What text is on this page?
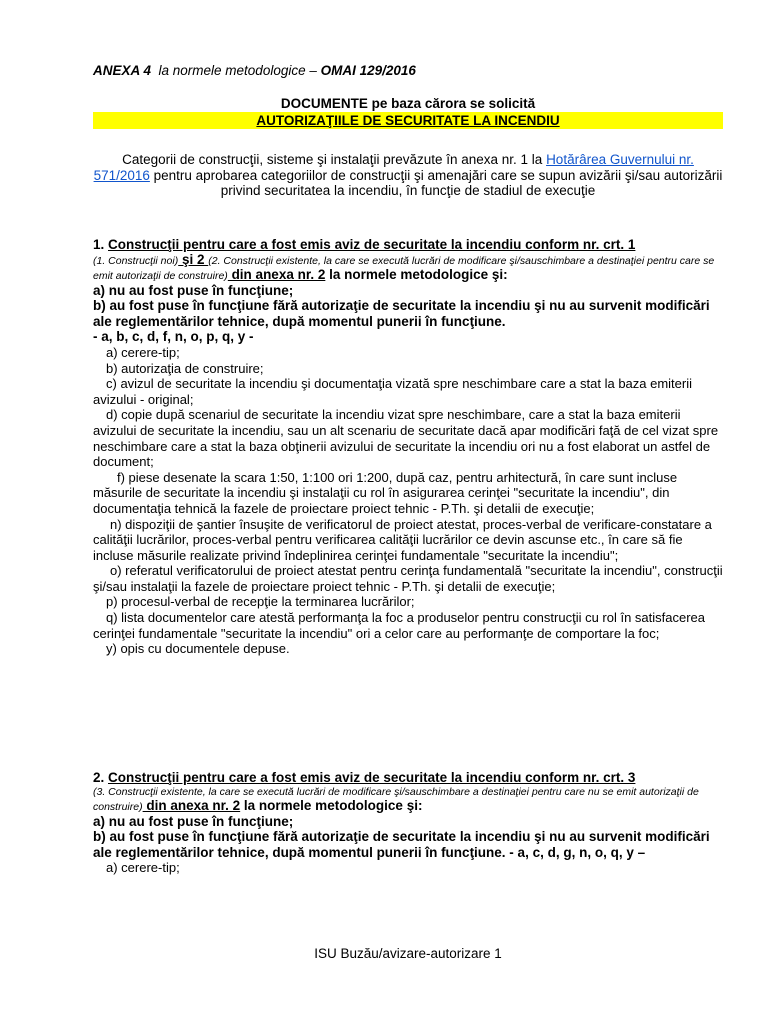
ANEXA 4  la normele metodologice – OMAI 129/2016
DOCUMENTE pe baza cărora se solicită
AUTORIZAŢIILE DE SECURITATE LA INCENDIU
Categorii de construcţii, sisteme şi instalaţii prevăzute în anexa nr. 1 la Hotărârea Guvernului nr. 571/2016 pentru aprobarea categoriilor de construcţii şi amenajări care se supun avizării şi/sau autorizării privind securitatea la incendiu, în funcţie de stadiul de execuţie

1. Construcţii pentru care a fost emis aviz de securitate la incendiu conform nr. crt. 1

(1. Construcţii noi) şi 2 (2. Construcţii existente, la care se execută lucrări de modificare şi/sauschimbare a destinaţiei pentru care se emit autorizaţii de construire) din anexa nr. 2 la normele metodologice şi:

a) nu au fost puse în funcţiune;

b) au fost puse în funcţiune fără autorizaţie de securitate la incendiu şi nu au survenit modificări ale reglementărilor tehnice, după momentul punerii în funcţiune.

- a, b, c, d, f, n, o, p, q, y -

a) cerere-tip;

b) autorizaţia de construire;

c) avizul de securitate la incendiu şi documentaţia vizată spre neschimbare care a stat la baza emiterii avizului - original;

d) copie după scenariul de securitate la incendiu vizat spre neschimbare, care a stat la baza emiterii avizului de securitate la incendiu, sau un alt scenariu de securitate dacă apar modificări faţă de cel vizat spre neschimbare care a stat la baza obţinerii avizului de securitate la incendiu ori nu a fost elaborat un astfel de document;

f) piese desenate la scara 1:50, 1:100 ori 1:200, după caz, pentru arhitectură, în care sunt incluse măsurile de securitate la incendiu şi instalaţii cu rol în asigurarea cerinţei "securitate la incendiu", din documentaţia tehnică la fazele de proiectare proiect tehnic - P.Th. şi detalii de execuţie;

n) dispoziţii de şantier însuşite de verificatorul de proiect atestat, proces-verbal de verificare-constatare a calităţii lucrărilor, proces-verbal pentru verificarea calităţii lucrărilor ce devin ascunse etc., în care să fie incluse măsurile realizate privind îndeplinirea cerinţei fundamentale "securitate la incendiu";

o) referatul verificatorului de proiect atestat pentru cerinţa fundamentală "securitate la incendiu", construcţii şi/sau instalaţii la fazele de proiectare proiect tehnic - P.Th. şi detalii de execuţie;

p) procesul-verbal de recepţie la terminarea lucrărilor;

q) lista documentelor care atestă performanţa la foc a produselor pentru construcţii cu rol în satisfacerea cerinţei fundamentale "securitate la incendiu" ori a celor care au performanţe de comportare la foc;

y) opis cu documentele depuse.

2. Construcţii pentru care a fost emis aviz de securitate la incendiu conform nr. crt. 3

(3. Construcţii existente, la care se execută lucrări de modificare şi/sauschimbare a destinaţiei pentru care nu se emit autorizaţii de construire) din anexa nr. 2 la normele metodologice şi:

a) nu au fost puse în funcţiune;

b) au fost puse în funcţiune fără autorizaţie de securitate la incendiu şi nu au survenit modificări ale reglementărilor tehnice, după momentul punerii în funcţiune. - a, c, d, g, n, o, q, y –

a) cerere-tip;

ISU Buzău/avizare-autorizare 1
